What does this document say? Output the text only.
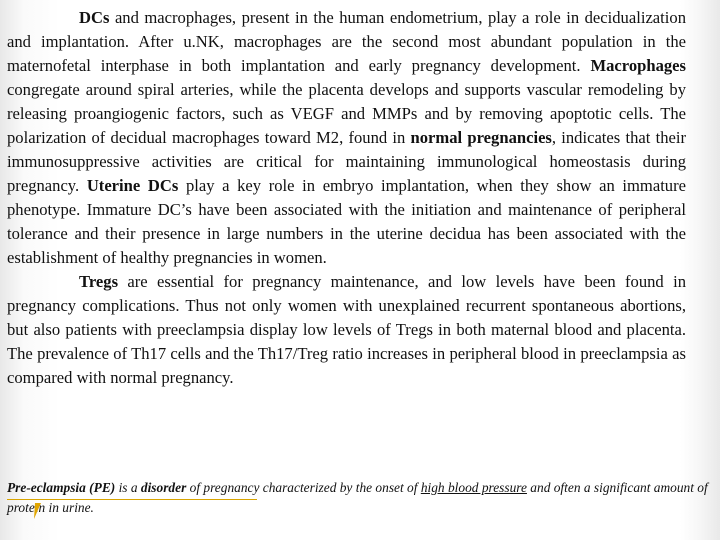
DCs and macrophages, present in the human endometrium, play a role in decidualization and implantation. After u.NK, macrophages are the second most abundant population in the maternofetal interphase in both implantation and early pregnancy development. Macrophages congregate around spiral arteries, while the placenta develops and supports vascular remodeling by releasing proangiogenic factors, such as VEGF and MMPs and by removing apoptotic cells. The polarization of decidual macrophages toward M2, found in normal pregnancies, indicates that their immunosuppressive activities are critical for maintaining immunological homeostasis during pregnancy. Uterine DCs play a key role in embryo implantation, when they show an immature phenotype. Immature DC’s have been associated with the initiation and maintenance of peripheral tolerance and their presence in large numbers in the uterine decidua has been associated with the establishment of healthy pregnancies in women.

Tregs are essential for pregnancy maintenance, and low levels have been found in pregnancy complications. Thus not only women with unexplained recurrent spontaneous abortions, but also patients with preeclampsia display low levels of Tregs in both maternal blood and placenta. The prevalence of Th17 cells and the Th17/Treg ratio increases in peripheral blood in preeclampsia as compared with normal pregnancy.

Pre-eclampsia (PE) is a disorder of pregnancy characterized by the onset of high blood pressure and often a significant amount of protein in urine.
